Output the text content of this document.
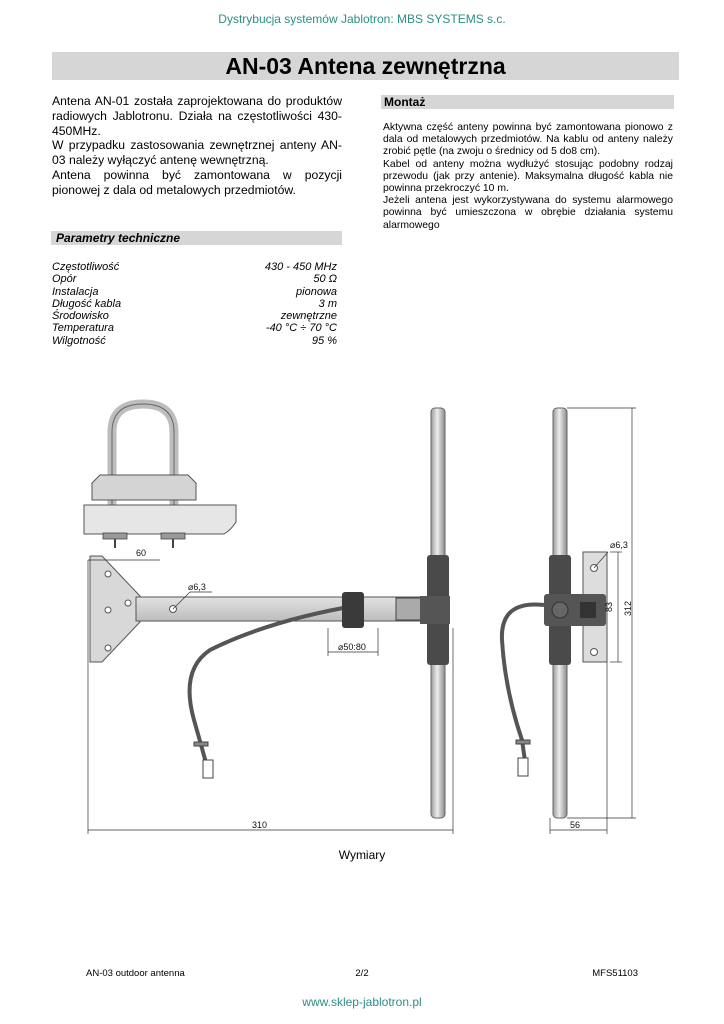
Dystrybucja systemów Jablotron: MBS SYSTEMS s.c.
AN-03 Antena zewnętrzna

Antena AN-01 została zaprojektowana do produktów radiowych Jablotronu. Działa na częstotliwości 430-450MHz.

W przypadku zastosowania zewnętrznej anteny AN-03 należy wyłączyć antenę wewnętrzną.

Antena powinna być zamontowana w pozycji pionowej z dala od metalowych przedmiotów.

Montaż

Aktywna część anteny powinna być zamontowana pionowo z dala od metalowych przedmiotów. Na kablu od anteny należy zrobić pętle (na zwoju o średnicy od 5 do8 cm).

Kabel od anteny można wydłużyć stosując podobny rodzaj przewodu (jak przy antenie). Maksymalna długość kabla nie powinna przekroczyć 10 m.

Jeżeli antena jest wykorzystywana do systemu alarmowego powinna być umieszczona w obrębie działania systemu alarmowego

Parametry techniczne
Częstotliwość	430 - 450 MHz
Opór	50 Ω
Instalacja	pionowa
Długość kabla	3 m
Środowisko	zewnętrzne
Temperatura	-40 °C ÷ 70 °C
Wilgotność	95 %
60
⌀6,3
⌀50:80
310
⌀6,3
83 312
56
Wymiary
AN-03 outdoor antenna	2/2	MFS51103
www.sklep-jablotron.pl
